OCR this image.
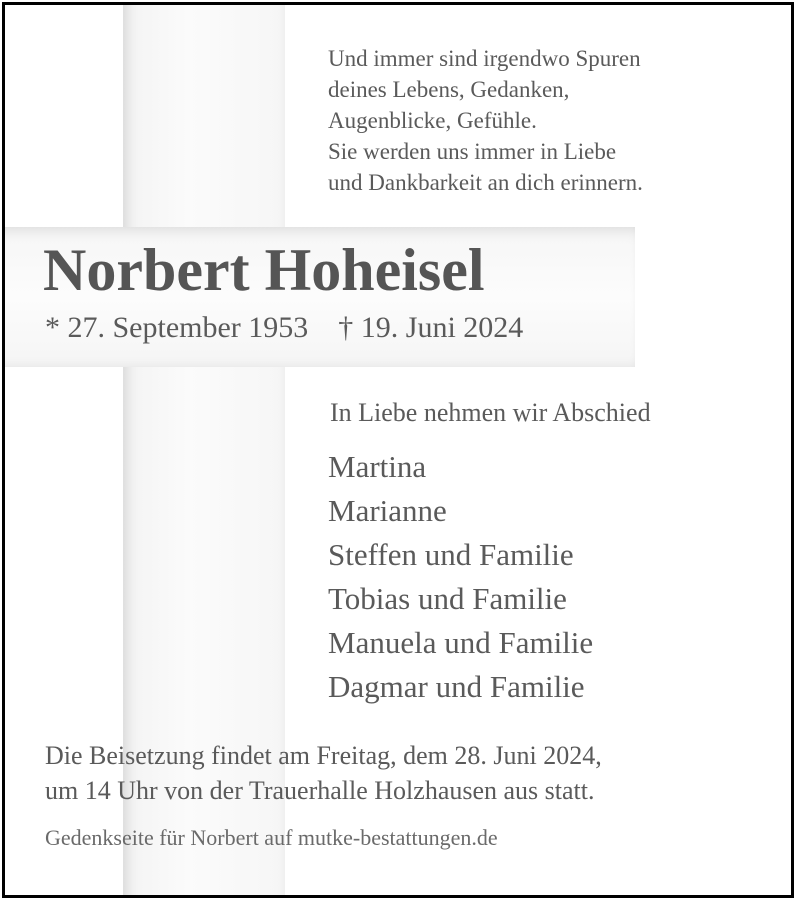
Und immer sind irgendwo Spuren
deines Lebens, Gedanken,
Augenblicke, Gefühle.
Sie werden uns immer in Liebe
und Dankbarkeit an dich erinnern.
Norbert Hoheisel
* 27. September 1953 † 19. Juni 2024
In Liebe nehmen wir Abschied
Martina
Marianne
Steffen und Familie
Tobias und Familie
Manuela und Familie
Dagmar und Familie
Die Beisetzung findet am Freitag, dem 28. Juni 2024,
um 14 Uhr von der Trauerhalle Holzhausen aus statt.
Gedenkseite für Norbert auf mutke-bestattungen.de
